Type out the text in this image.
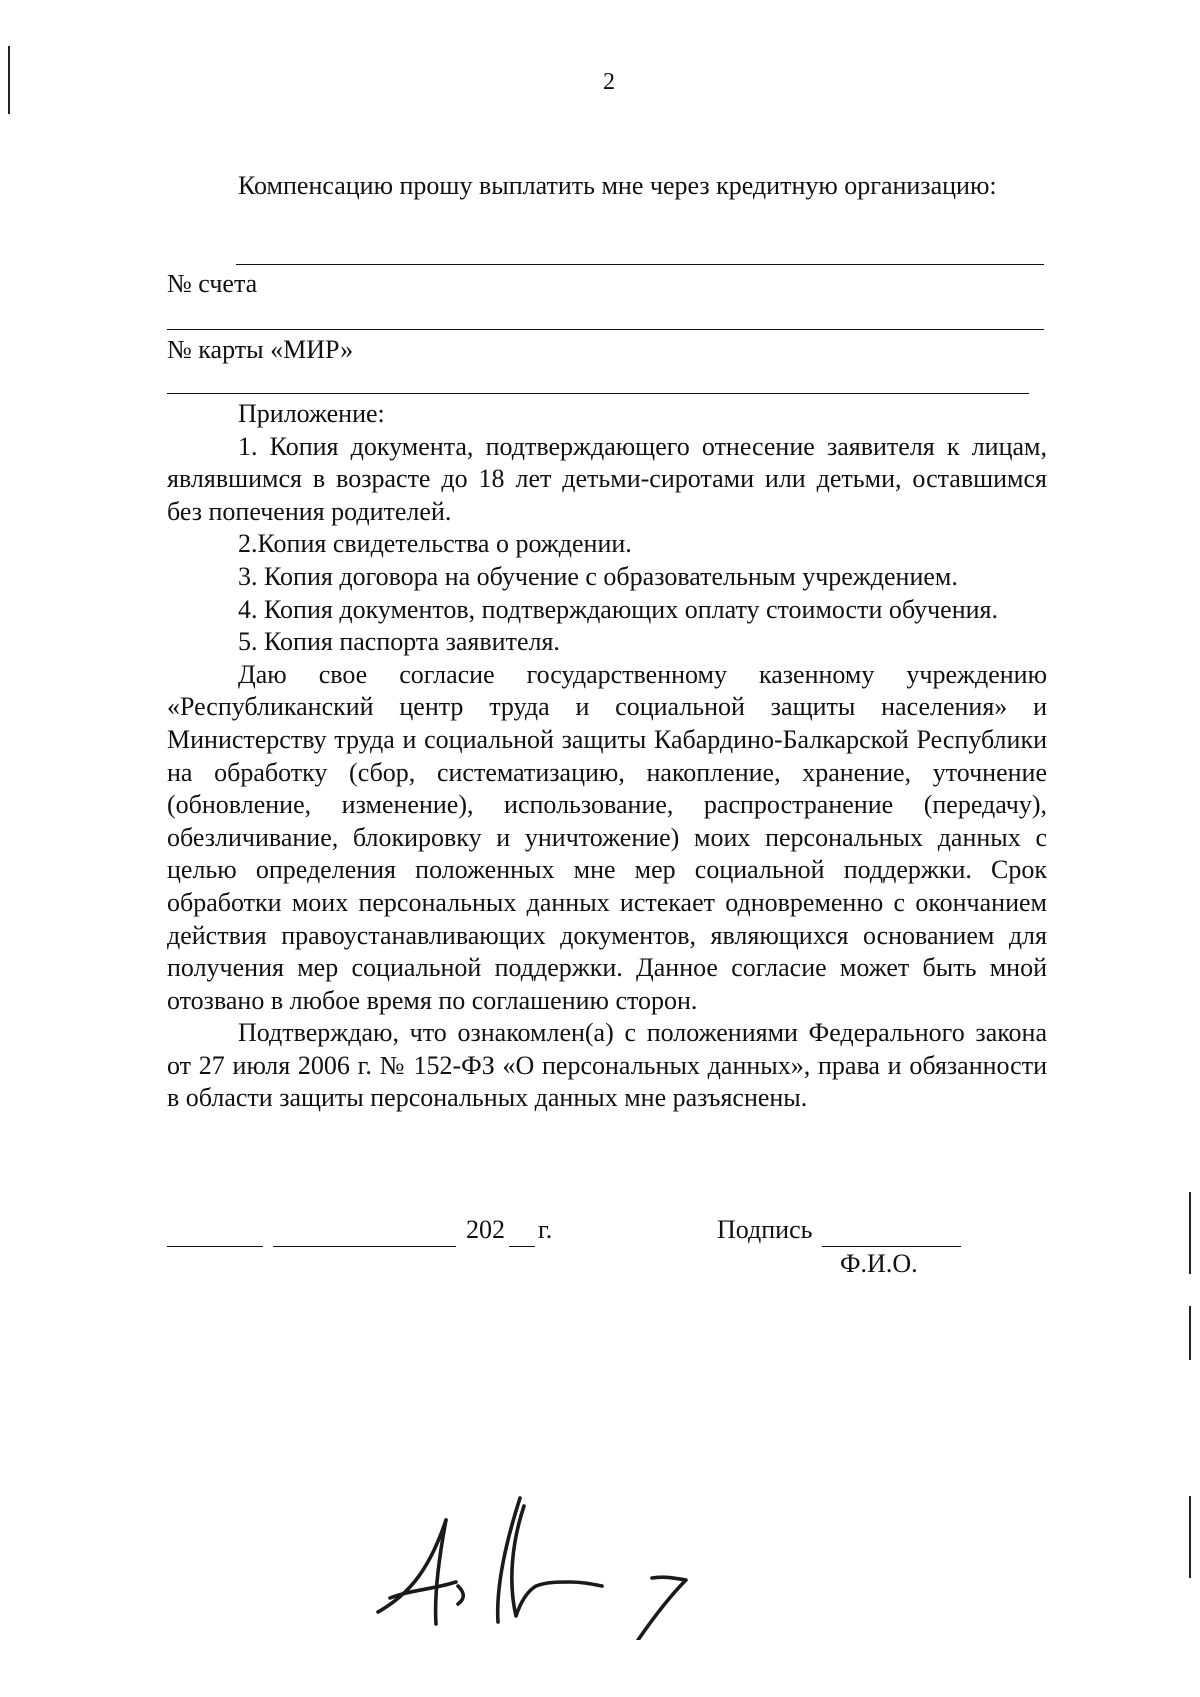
2

Компенсацию прошу выплатить мне через кредитную организацию:

№ счета

№ карты «МИР»

Приложение:

1. Копия документа, подтверждающего отнесение заявителя к лицам, являвшимся в возрасте до 18 лет детьми-сиротами или детьми, оставшимся без попечения родителей.

2.Копия свидетельства о рождении.

3. Копия договора на обучение с образовательным учреждением.

4. Копия документов, подтверждающих оплату стоимости обучения.

5. Копия паспорта заявителя.

Даю свое согласие государственному казенному учреждению «Республиканский центр труда и социальной защиты населения» и Министерству труда и социальной защиты Кабардино-Балкарской Республики на обработку (сбор, систематизацию, накопление, хранение, уточнение (обновление, изменение), использование, распространение (передачу), обезличивание, блокировку и уничтожение) моих персональных данных с целью определения положенных мне мер социальной поддержки. Срок обработки моих персональных данных истекает одновременно с окончанием действия правоустанавливающих документов, являющихся основанием для получения мер социальной поддержки. Данное согласие может быть мной отозвано в любое время по соглашению сторон.

Подтверждаю, что ознакомлен(а) с положениями Федерального закона от 27 июля 2006 г. № 152-ФЗ «О персональных данных», права и обязанности в области защиты персональных данных мне разъяснены.

202 г.	Подпись
Ф.И.О.
